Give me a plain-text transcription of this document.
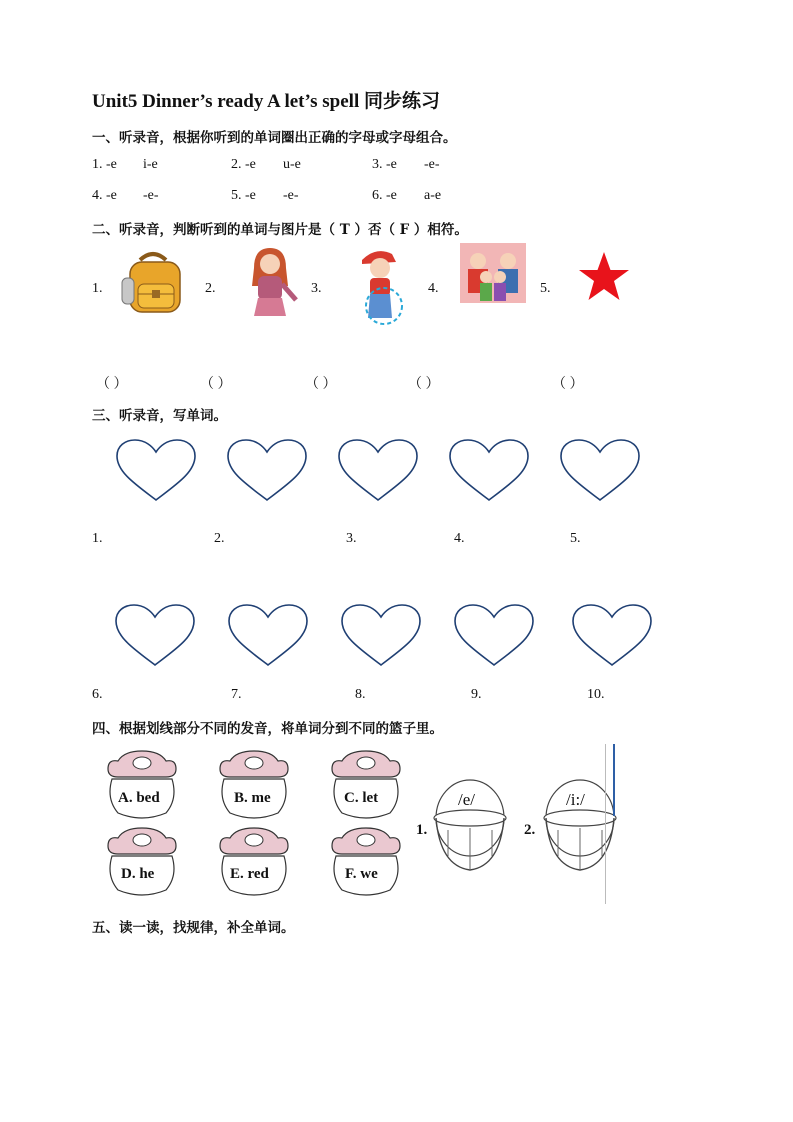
Unit5 Dinner’s ready A let’s spell 同步练习
一、听录音，根据你听到的单词圈出正确的字母或字母组合。
1. -e i-e	2. -e u-e	3. -e -e-
4. -e -e-	5. -e -e-	6. -e a-e
二、听录音，判断听到的单词与图片是（ T ）否（ F ）相符。
1.	2.	3.	4.	5.
（ ）	（ ）	（ ）	（ ）	（ ）
三、听录音，写单词。
1.	2.	3.	4.	5.
6.	7.	8.	9.	10.
四、根据划线部分不同的发音，将单词分到不同的篮子里。
A. bed	B. me	C. let
D. he	E. red	F. we
1.
/e/
2.
/i:/
五、读一读，找规律，补全单词。
